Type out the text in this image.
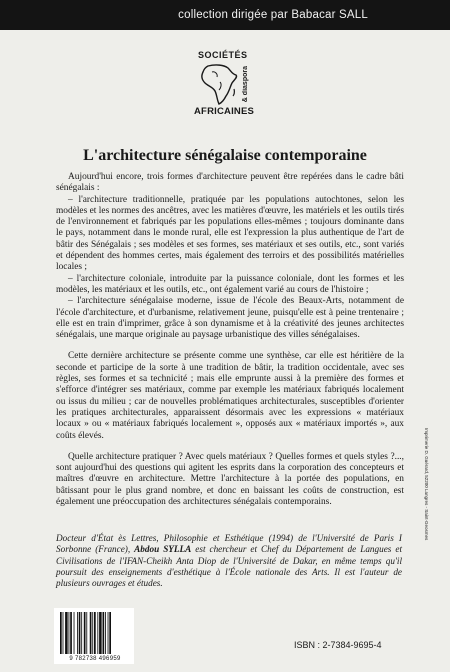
collection dirigée par Babacar SALL
SOCIÉTÉS
& diaspora
AFRICAINES
L'architecture sénégalaise contemporaine

Aujourd'hui encore, trois formes d'architecture peuvent être repérées dans le cadre bâti sénégalais :

– l'architecture traditionnelle, pratiquée par les populations autochtones, selon les modèles et les normes des ancêtres, avec les matières d'œuvre, les matériels et les outils tirés de l'environnement et fabriqués par les populations elles-mêmes ; toujours dominante dans le pays, notamment dans le monde rural, elle est l'expression la plus authentique de l'art de bâtir des Sénégalais ; ses modèles et ses formes, ses matériaux et ses outils, etc., sont variés et dépendent des hommes certes, mais également des terroirs et des possibilités matérielles locales ;

– l'architecture coloniale, introduite par la puissance coloniale, dont les formes et les modèles, les matériaux et les outils, etc., ont également varié au cours de l'histoire ;

– l'architecture sénégalaise moderne, issue de l'école des Beaux-Arts, notamment de l'école d'architecture, et d'urbanisme, relativement jeune, puisqu'elle est à peine trentenaire ; elle est en train d'imprimer, grâce à son dynamisme et à la créativité des jeunes architectes sénégalais, une marque originale au paysage urbanistique des villes sénégalaises.

Cette dernière architecture se présente comme une synthèse, car elle est héritière de la seconde et participe de la sorte à une tradition de bâtir, la tradition occidentale, avec ses règles, ses formes et sa technicité ; mais elle emprunte aussi à la première des formes et s'efforce d'intégrer ses matériaux, comme par exemple les matériaux fabriqués localement ou issus du milieu ; car de nouvelles problématiques architecturales, susceptibles d'orienter les pratiques architecturales, apparaissent désormais avec les expressions « matériaux locaux » ou « matériaux fabriqués localement », opposés aux « matériaux importés », aux coûts élevés.

Quelle architecture pratiquer ? Avec quels matériaux ? Quelles formes et quels styles ?..., sont aujourd'hui des questions qui agitent les esprits dans la corporation des concepteurs et maîtres d'œuvre en architecture. Mettre l'architecture à la portée des populations, en bâtissant pour le plus grand nombre, et donc en baissant les coûts de construction, est également une préoccupation des architectures sénégalais contemporains.

Docteur d'État ès Lettres, Philosophie et Esthétique (1994) de l'Université de Paris I Sorbonne (France), Abdou SYLLA est chercheur et Chef du Département de Langues et Civilisations de l'IFAN-Cheikh Anta Diop de l'Université de Dakar, en même temps qu'il poursuit des enseignements d'esthétique à l'École nationale des Arts. Il est l'auteur de plusieurs ouvrages et études.
Imprimerie D. Guérard, 52200 Langres - Saint-Geosmes
9 782738 496959
ISBN : 2-7384-9695-4
